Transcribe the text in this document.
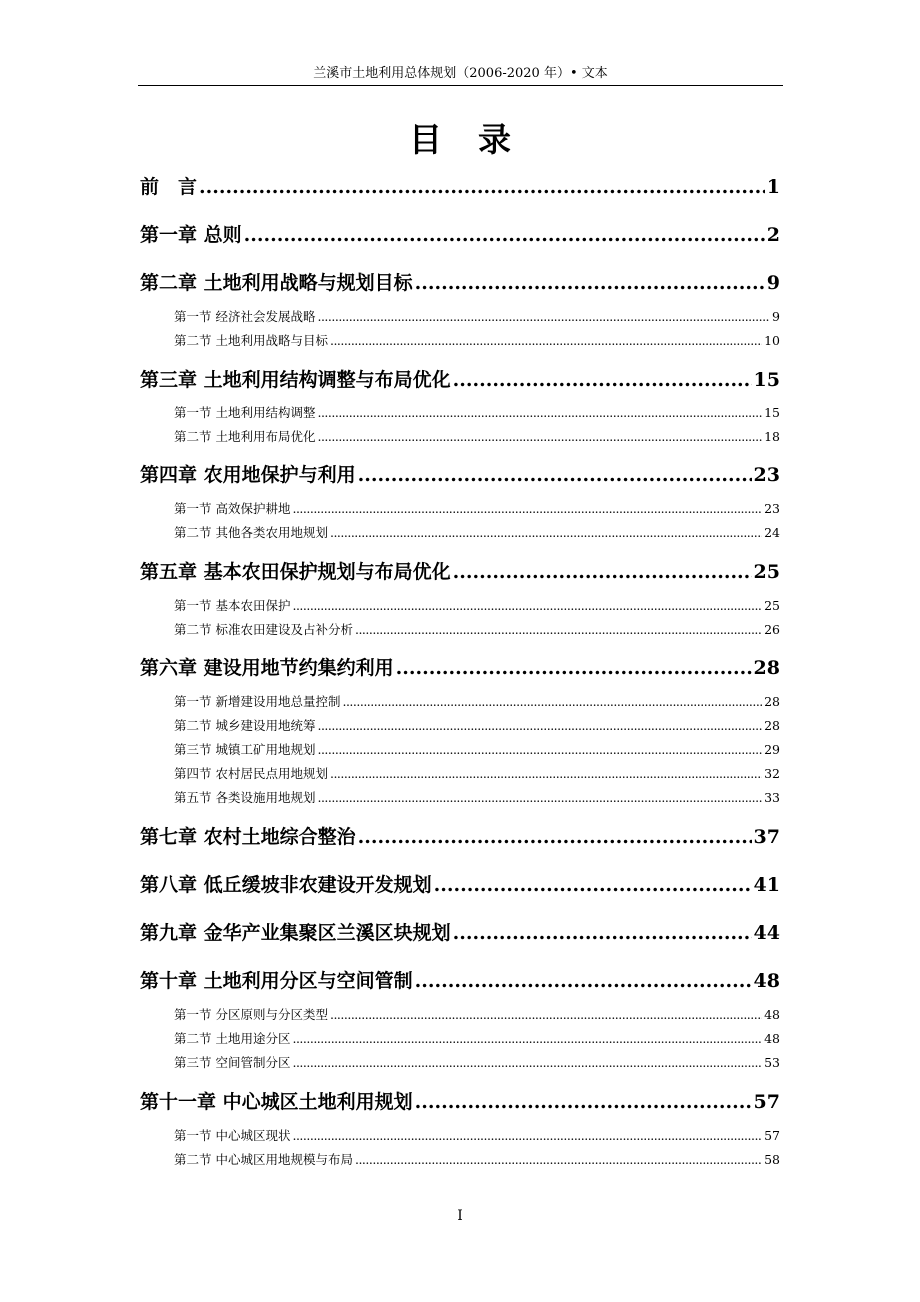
兰溪市土地利用总体规划（2006-2020 年）• 文本
目录
前　言 .....	1
第一章 总则 .....	2
第二章 土地利用战略与规划目标 .....	9
第一节 经济社会发展战略 .....	9
第二节 土地利用战略与目标 .....	10
第三章 土地利用结构调整与布局优化 .....	15
第一节 土地利用结构调整 .....	15
第二节 土地利用布局优化 .....	18
第四章 农用地保护与利用 .....	23
第一节 高效保护耕地 .....	23
第二节 其他各类农用地规划 .....	24
第五章 基本农田保护规划与布局优化 .....	25
第一节 基本农田保护 .....	25
第二节 标准农田建设及占补分析 .....	26
第六章 建设用地节约集约利用 .....	28
第一节 新增建设用地总量控制 .....	28
第二节 城乡建设用地统筹 .....	28
第三节 城镇工矿用地规划 .....	29
第四节 农村居民点用地规划 .....	32
第五节 各类设施用地规划 .....	33
第七章 农村土地综合整治 .....	37
第八章 低丘缓坡非农建设开发规划 .....	41
第九章 金华产业集聚区兰溪区块规划 .....	44
第十章 土地利用分区与空间管制 .....	48
第一节 分区原则与分区类型 .....	48
第二节 土地用途分区 .....	48
第三节 空间管制分区 .....	53
第十一章 中心城区土地利用规划 .....	57
第一节 中心城区现状 .....	57
第二节 中心城区用地规模与布局 .....	58
I
